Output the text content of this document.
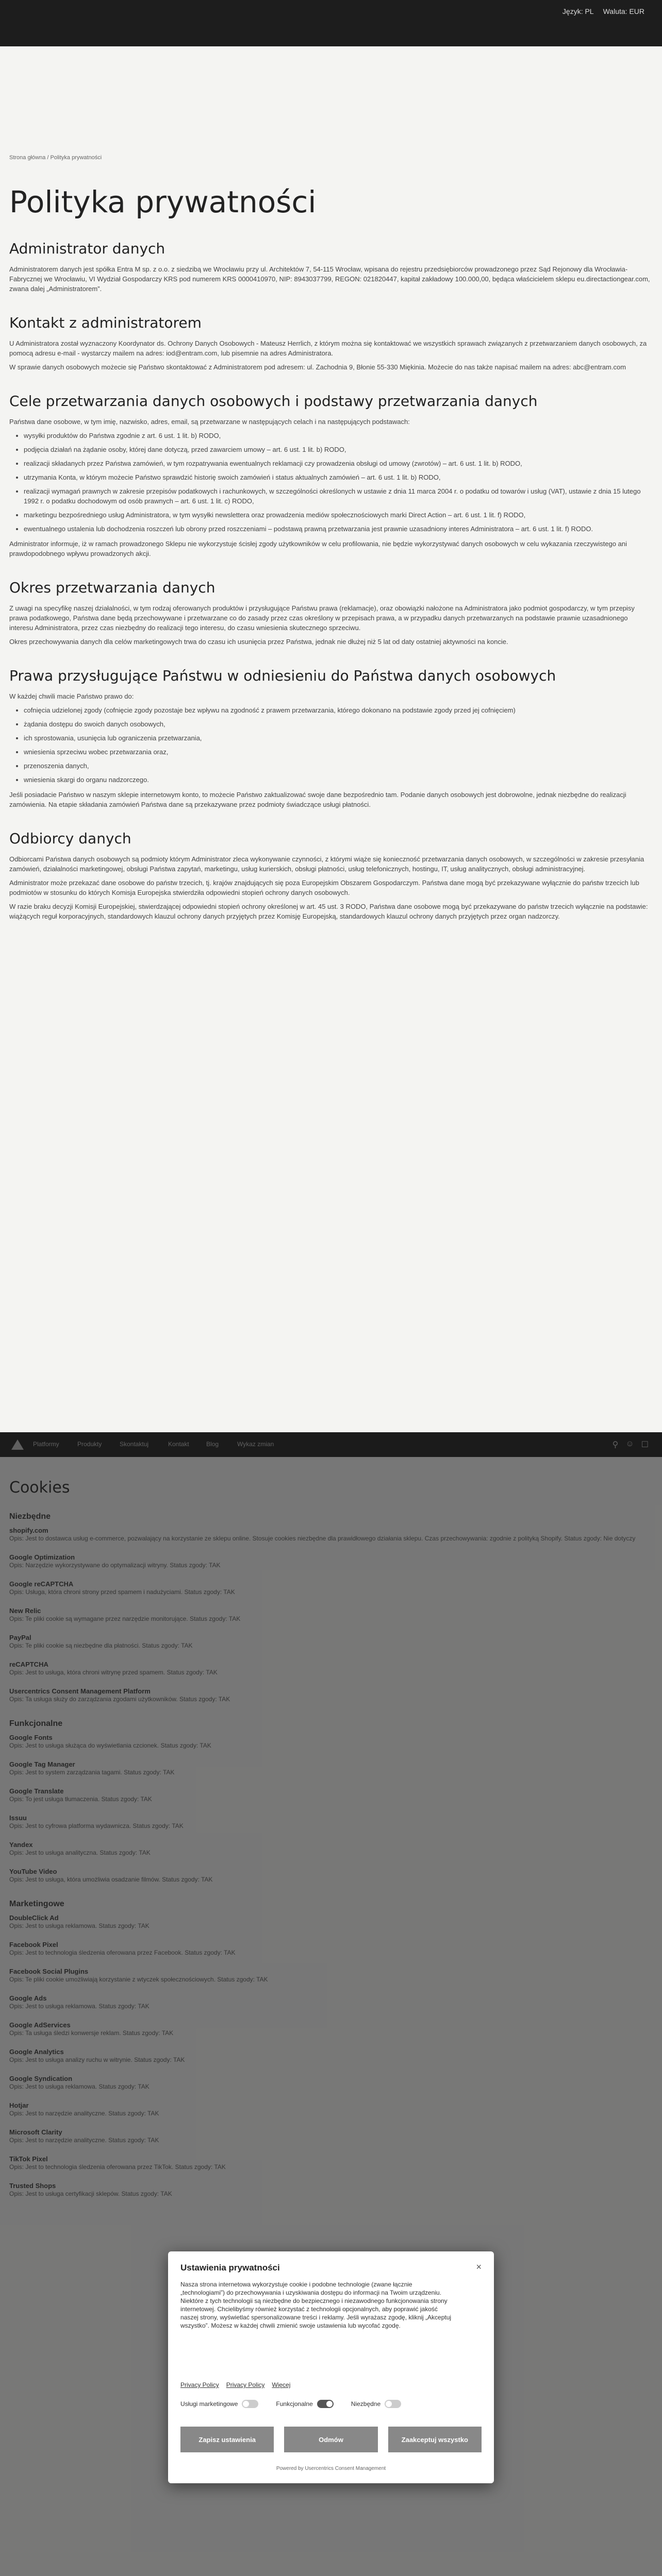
Język: PL Waluta: EUR
Strona główna / Polityka prywatności
Polityka prywatności
Administrator danych

Administratorem danych jest spółka Entra M sp. z o.o. z siedzibą we Wrocławiu przy ul. Architektów 7, 54-115 Wrocław, wpisana do rejestru przedsiębiorców prowadzonego przez Sąd Rejonowy dla Wrocławia-Fabrycznej we Wrocławiu, VI Wydział Gospodarczy KRS pod numerem KRS 0000410970, NIP: 8943037799, REGON: 021820447, kapitał zakładowy 100.000,00, będąca właścicielem sklepu eu.directactiongear.com, zwana dalej „Administratorem”.

Kontakt z administratorem

U Administratora został wyznaczony Koordynator ds. Ochrony Danych Osobowych - Mateusz Herrlich, z którym można się kontaktować we wszystkich sprawach związanych z przetwarzaniem danych osobowych, za pomocą adresu e-mail - wystarczy mailem na adres: iod@entram.com, lub pisemnie na adres Administratora.

W sprawie danych osobowych możecie się Państwo skontaktować z Administratorem pod adresem: ul. Zachodnia 9, Błonie 55-330 Miękinia. Możecie do nas także napisać mailem na adres: abc@entram.com

Cele przetwarzania danych osobowych i podstawy przetwarzania danych

Państwa dane osobowe, w tym imię, nazwisko, adres, email, są przetwarzane w następujących celach i na następujących podstawach:

• wysyłki produktów do Państwa zgodnie z art. 6 ust. 1 lit. b) RODO,
• podjęcia działań na żądanie osoby, której dane dotyczą, przed zawarciem umowy – art. 6 ust. 1 lit. b) RODO,
• realizacji składanych przez Państwa zamówień, w tym rozpatrywania ewentualnych reklamacji czy prowadzenia obsługi od umowy (zwrotów) – art. 6 ust. 1 lit. b) RODO,
• utrzymania Konta, w którym możecie Państwo sprawdzić historię swoich zamówień i status aktualnych zamówień – art. 6 ust. 1 lit. b) RODO,
• realizacji wymagań prawnych w zakresie przepisów podatkowych i rachunkowych, w szczególności określonych w ustawie z dnia 11 marca 2004 r. o podatku od towarów i usług (VAT), ustawie z dnia 15 lutego 1992 r. o podatku dochodowym od osób prawnych – art. 6 ust. 1 lit. c) RODO,
• marketingu bezpośredniego usług Administratora, w tym wysyłki newslettera oraz prowadzenia mediów społecznościowych marki Direct Action – art. 6 ust. 1 lit. f) RODO,
• ewentualnego ustalenia lub dochodzenia roszczeń lub obrony przed roszczeniami – podstawą prawną przetwarzania jest prawnie uzasadniony interes Administratora – art. 6 ust. 1 lit. f) RODO.

Administrator informuje, iż w ramach prowadzonego Sklepu nie wykorzystuje ścisłej zgody użytkowników w celu profilowania, nie będzie wykorzystywać danych osobowych w celu wykazania rzeczywistego ani prawdopodobnego wpływu prowadzonych akcji.

Okres przetwarzania danych

Z uwagi na specyfikę naszej działalności, w tym rodzaj oferowanych produktów i przysługujące Państwu prawa (reklamacje), oraz obowiązki nałożone na Administratora jako podmiot gospodarczy, w tym przepisy prawa podatkowego, Państwa dane będą przechowywane i przetwarzane co do zasady przez czas określony w przepisach prawa, a w przypadku danych przetwarzanych na podstawie prawnie uzasadnionego interesu Administratora, przez czas niezbędny do realizacji tego interesu, do czasu wniesienia skutecznego sprzeciwu.

Okres przechowywania danych dla celów marketingowych trwa do czasu ich usunięcia przez Państwa, jednak nie dłużej niż 5 lat od daty ostatniej aktywności na koncie.

Prawa przysługujące Państwu w odniesieniu do Państwa danych osobowych

W każdej chwili macie Państwo prawo do:

• cofnięcia udzielonej zgody (cofnięcie zgody pozostaje bez wpływu na zgodność z prawem przetwarzania, którego dokonano na podstawie zgody przed jej cofnięciem)
• żądania dostępu do swoich danych osobowych,
• ich sprostowania, usunięcia lub ograniczenia przetwarzania,
• wniesienia sprzeciwu wobec przetwarzania oraz,
• przenoszenia danych,
• wniesienia skargi do organu nadzorczego.

Jeśli posiadacie Państwo w naszym sklepie internetowym konto, to możecie Państwo zaktualizować swoje dane bezpośrednio tam. Podanie danych osobowych jest dobrowolne, jednak niezbędne do realizacji zamówienia. Na etapie składania zamówień Państwa dane są przekazywane przez podmioty świadczące usługi płatności.

Odbiorcy danych

Odbiorcami Państwa danych osobowych są podmioty którym Administrator zleca wykonywanie czynności, z którymi wiąże się konieczność przetwarzania danych osobowych, w szczególności w zakresie przesyłania zamówień, działalności marketingowej, obsługi Państwa zapytań, marketingu, usług kurierskich, obsługi płatności, usług telefonicznych, hostingu, IT, usług analitycznych, obsługi administracyjnej.

Administrator może przekazać dane osobowe do państw trzecich, tj. krajów znajdujących się poza Europejskim Obszarem Gospodarczym. Państwa dane mogą być przekazywane wyłącznie do państw trzecich lub podmiotów w stosunku do których Komisja Europejska stwierdziła odpowiedni stopień ochrony danych osobowych.

W razie braku decyzji Komisji Europejskiej, stwierdzającej odpowiedni stopień ochrony określonej w art. 45 ust. 3 RODO, Państwa dane osobowe mogą być przekazywane do państw trzecich wyłącznie na podstawie: wiążących reguł korporacyjnych, standardowych klauzul ochrony danych przyjętych przez Komisję Europejską, standardowych klauzul ochrony danych przyjętych przez organ nadzorczy.

Ustawienia prywatności	×
Nasza strona internetowa wykorzystuje cookie i podobne technologie (zwane łącznie „technologiami”) do przechowywania i uzyskiwania dostępu do informacji na Twoim urządzeniu. Niektóre z tych technologii są niezbędne do bezpiecznego i niezawodnego funkcjonowania strony internetowej. Chcielibyśmy również korzystać z technologii opcjonalnych, aby poprawić jakość naszej strony, wyświetlać spersonalizowane treści i reklamy. Jeśli wyrażasz zgodę, kliknij „Akceptuj wszystko”. Możesz w każdej chwili zmienić swoje ustawienia lub wycofać zgodę.
Privacy Policy Privacy Policy Więcej
Usługi marketingowe	Funkcjonalne	Niezbędne
Zapisz ustawienia	Odmów	Zaakceptuj wszystko
Powered by Usercentrics Consent Management
